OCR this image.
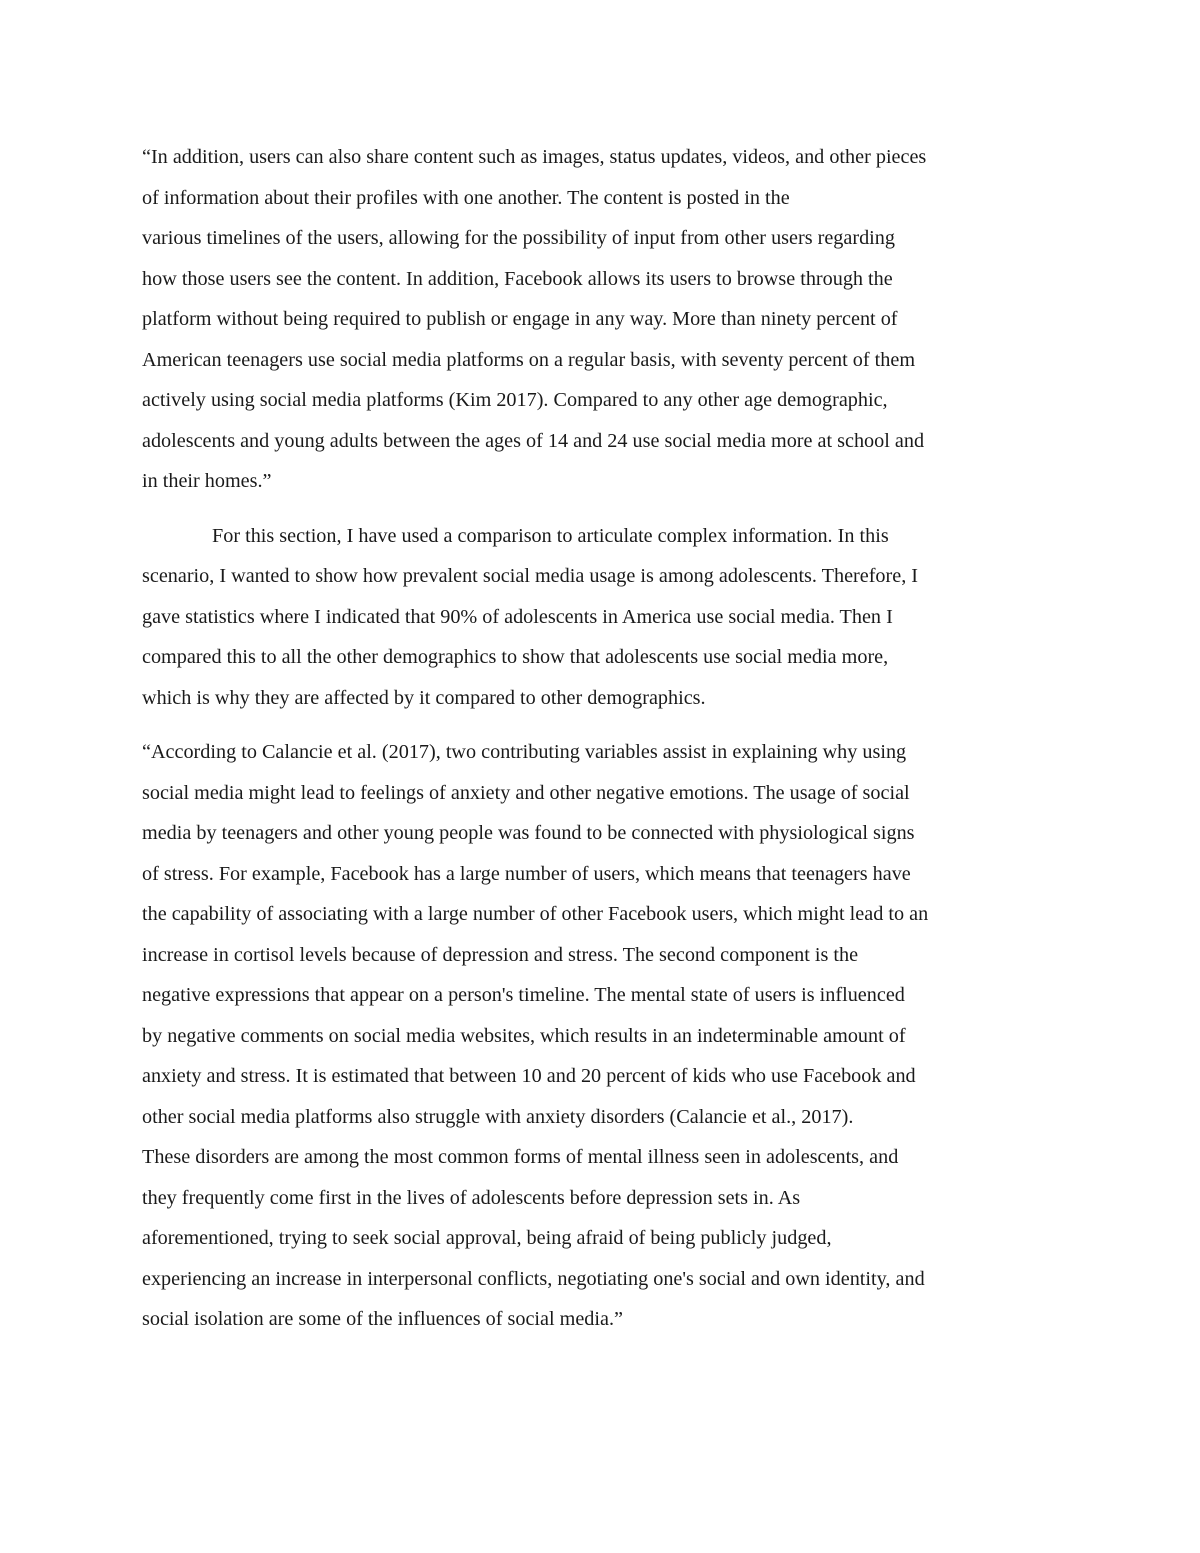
“In addition, users can also share content such as images, status updates, videos, and other pieces
of information about their profiles with one another. The content is posted in the
various timelines of the users, allowing for the possibility of input from other users regarding
how those users see the content. In addition, Facebook allows its users to browse through the
platform without being required to publish or engage in any way. More than ninety percent of
American teenagers use social media platforms on a regular basis, with seventy percent of them
actively using social media platforms (Kim 2017). Compared to any other age demographic,
adolescents and young adults between the ages of 14 and 24 use social media more at school and
in their homes.”
For this section, I have used a comparison to articulate complex information. In this
scenario, I wanted to show how prevalent social media usage is among adolescents. Therefore, I
gave statistics where I indicated that 90% of adolescents in America use social media. Then I
compared this to all the other demographics to show that adolescents use social media more,
which is why they are affected by it compared to other demographics.
“According to Calancie et al. (2017), two contributing variables assist in explaining why using
social media might lead to feelings of anxiety and other negative emotions. The usage of social
media by teenagers and other young people was found to be connected with physiological signs
of stress. For example, Facebook has a large number of users, which means that teenagers have
the capability of associating with a large number of other Facebook users, which might lead to an
increase in cortisol levels because of depression and stress. The second component is the
negative expressions that appear on a person's timeline. The mental state of users is influenced
by negative comments on social media websites, which results in an indeterminable amount of
anxiety and stress. It is estimated that between 10 and 20 percent of kids who use Facebook and
other social media platforms also struggle with anxiety disorders (Calancie et al., 2017).
These disorders are among the most common forms of mental illness seen in adolescents, and
they frequently come first in the lives of adolescents before depression sets in. As
aforementioned, trying to seek social approval, being afraid of being publicly judged,
experiencing an increase in interpersonal conflicts, negotiating one's social and own identity, and
social isolation are some of the influences of social media.”
